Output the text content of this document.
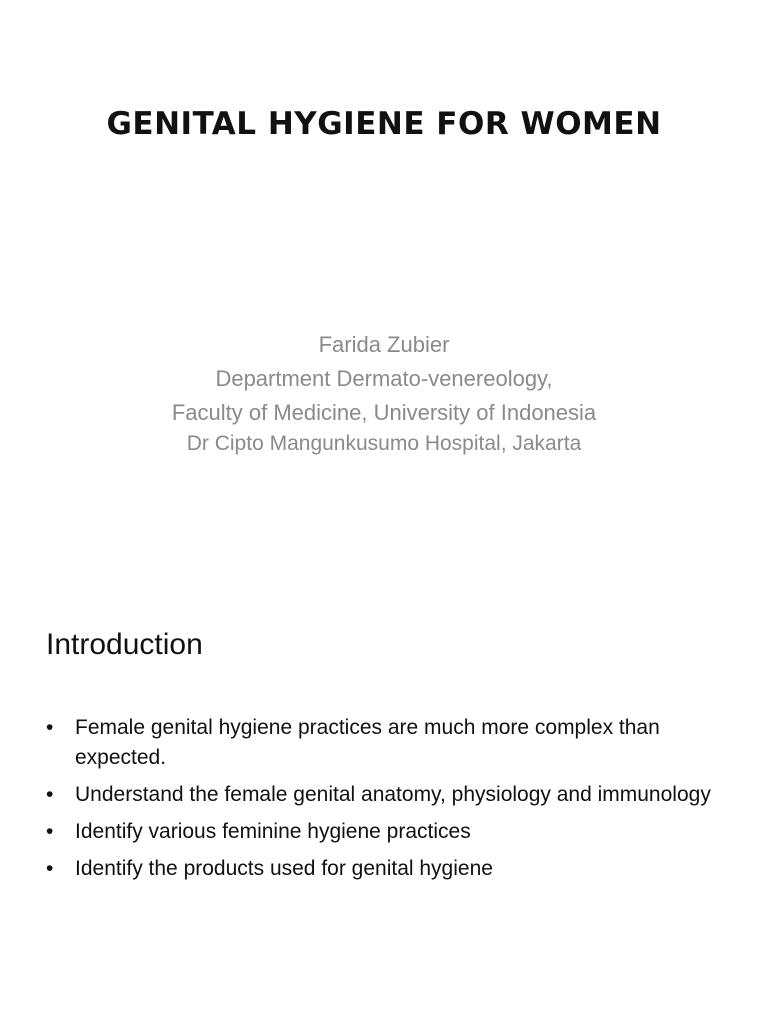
GENITAL HYGIENE FOR WOMEN
Farida Zubier
Department Dermato-venereology,
Faculty of Medicine, University of Indonesia
Dr Cipto Mangunkusumo Hospital, Jakarta
Introduction
• Female genital hygiene practices are much more complex than expected.
• Understand the female genital anatomy, physiology and immunology
• Identify various feminine hygiene practices
• Identify the products used for genital hygiene
